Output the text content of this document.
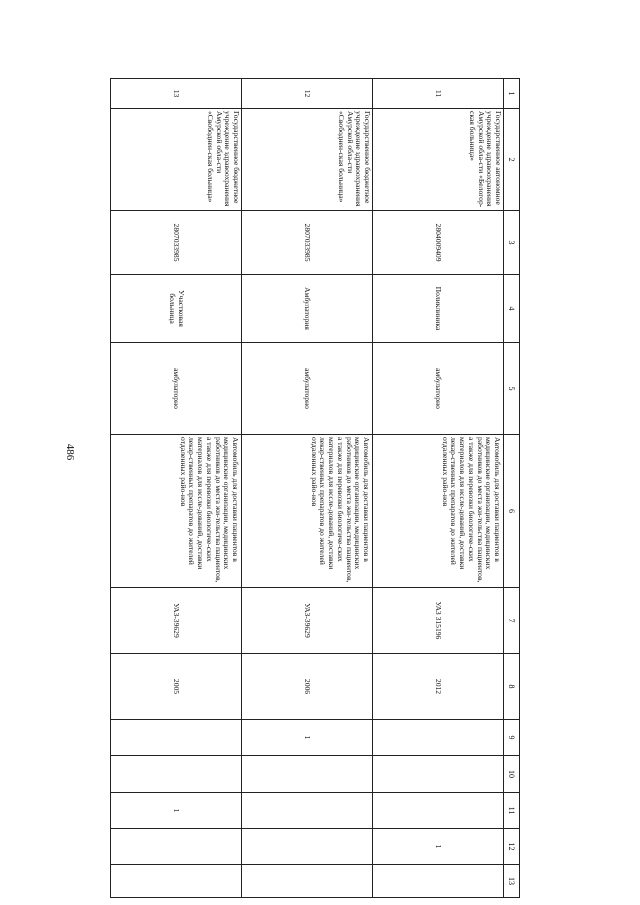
486
1	2	3	4	5	6	7	8	9	10	11	12	13
11	Государственное автономное учреждение здравоохранения Амурской обла-сти «Белогор-ская больница»	2804009409	Поликлиника	амбулаторно	Автомобиль для доставки пациентов в медицинские организации, медицинских работников до места жи-тельства пациентов, а также для перевозки биологиче-ских материалов для иссле-дований, доставки лекар-ственных препаратов до жителей отдаленных райо-нов	УАЗ 315196	2012				1	
12	Государственное бюджетное учреждение здравоохранения Амурской обла-сти «Свободнен-ская больница»	2807033985	Амбулатория	амбулаторно	Автомобиль для доставки пациентов в медицинские организации, медицинских работников до места жи-тельства пациентов, а также для перевозки биологиче-ских материалов для иссле-дований, доставки лекар-ственных препаратов до жителей отдаленных райо-нов	УАЗ-39629	2006	1				
13	Государственное бюджетное учреждение здравоохранения Амурской обла-сти «Свободнен-ская больница»	2807033985	Участковая больница	амбулаторно	Автомобиль для доставки пациентов в медицинские организации, медицинских работников до места жи-тельства пациентов, а также для перевозки биологиче-ских материалов для иссле-дований, доставки лекар-ственных препаратов до жителей отдаленных райо-нов	УАЗ-39629	2005			1		
